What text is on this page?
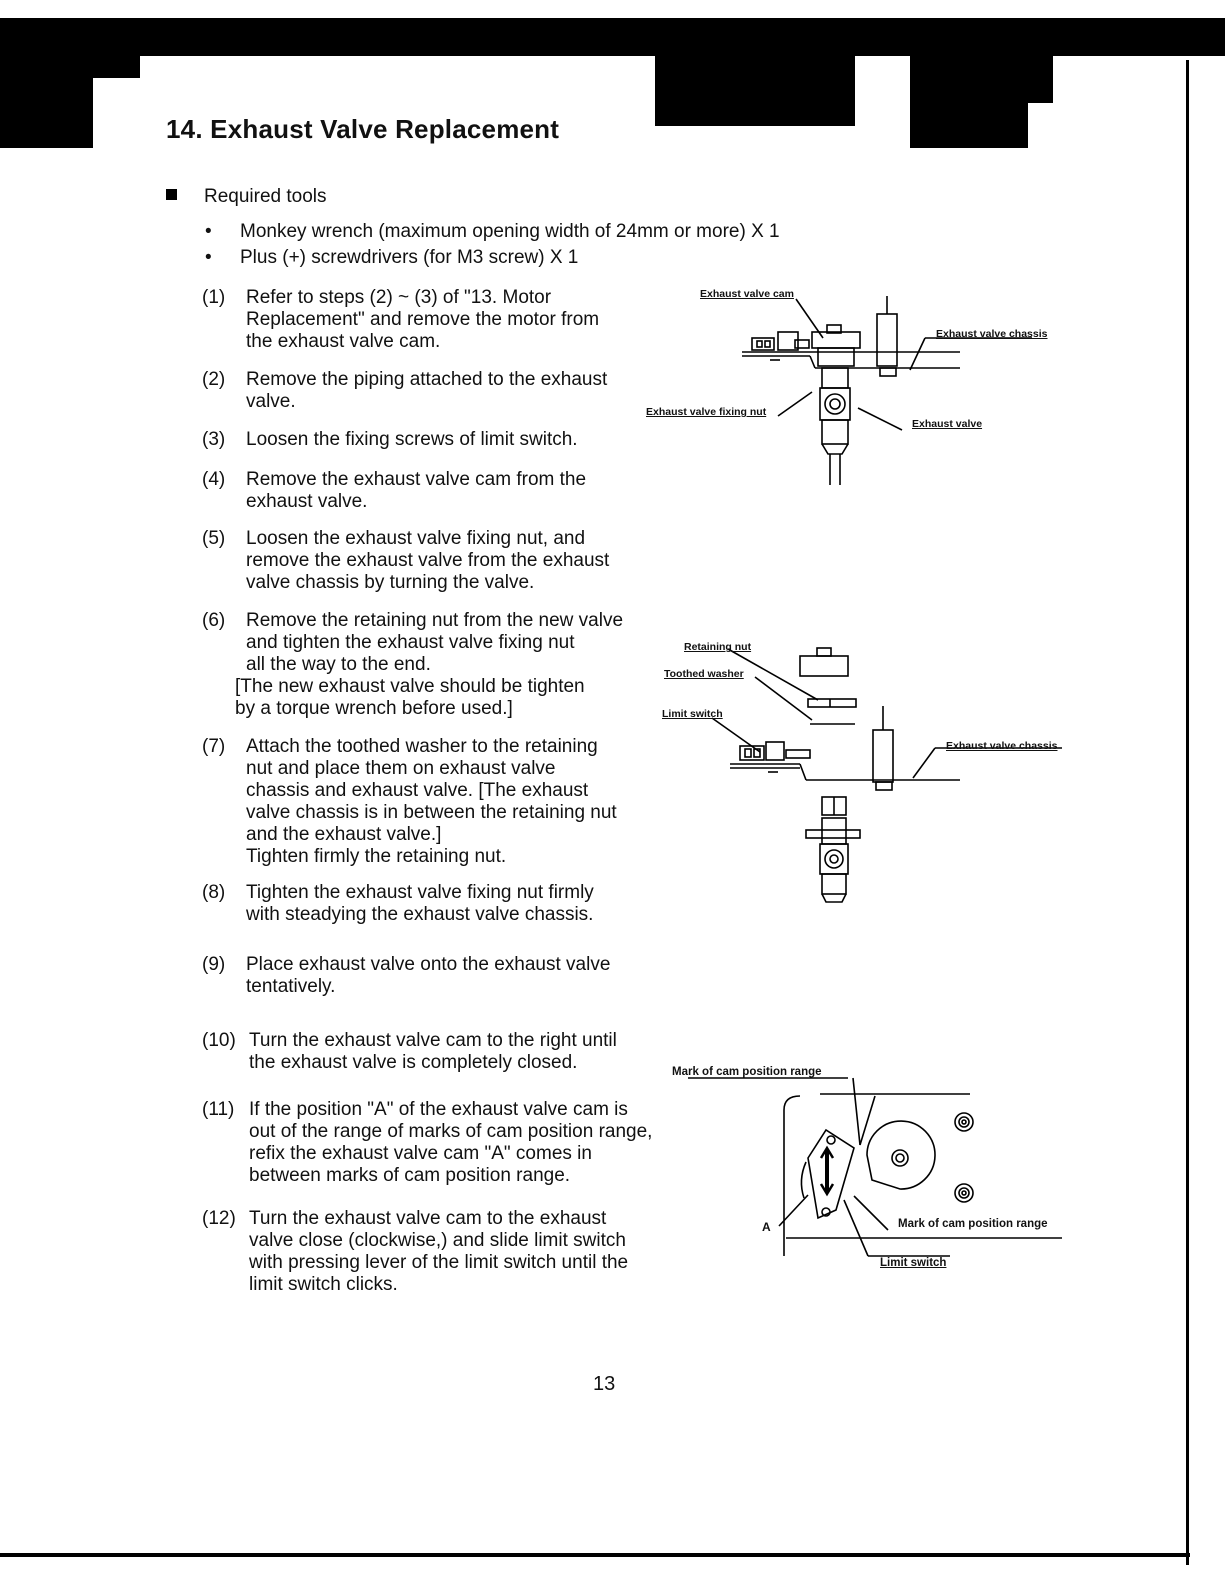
14. Exhaust Valve Replacement
Required tools
• Monkey wrench (maximum opening width of 24mm or more) X 1
• Plus (+) screwdrivers (for M3 screw) X 1
(1) Refer to steps (2) ~ (3) of "13. Motor
Replacement" and remove the motor from
the exhaust valve cam.
(2) Remove the piping attached to the exhaust
valve.
(3) Loosen the fixing screws of limit switch.
(4) Remove the exhaust valve cam from the
exhaust valve.
(5) Loosen the exhaust valve fixing nut, and
remove the exhaust valve from the exhaust
valve chassis by turning the valve.
(6) Remove the retaining nut from the new valve
and tighten the exhaust valve fixing nut
all the way to the end.
[The new exhaust valve should be tighten
by a torque wrench before used.]
(7) Attach the toothed washer to the retaining
nut and place them on exhaust valve
chassis and exhaust valve. [The exhaust
valve chassis is in between the retaining nut
and the exhaust valve.]
Tighten firmly the retaining nut.
(8) Tighten the exhaust valve fixing nut firmly
with steadying the exhaust valve chassis.
(9) Place exhaust valve onto the exhaust valve
tentatively.
(10) Turn the exhaust valve cam to the right until
the exhaust valve is completely closed.
(11) If the position "A" of the exhaust valve cam is
out of the range of marks of cam position range,
refix the exhaust valve cam "A" comes in
between marks of cam position range.
(12) Turn the exhaust valve cam to the exhaust
valve close (clockwise,) and slide limit switch
with pressing lever of the limit switch until the
limit switch clicks.
Exhaust valve cam
Exhaust valve chassis
Exhaust valve fixing nut
Exhaust valve
Retaining nut
Toothed washer
Limit switch
Exhaust valve chassis
Mark of cam position range
A	Mark of cam position range
Limit switch
13
